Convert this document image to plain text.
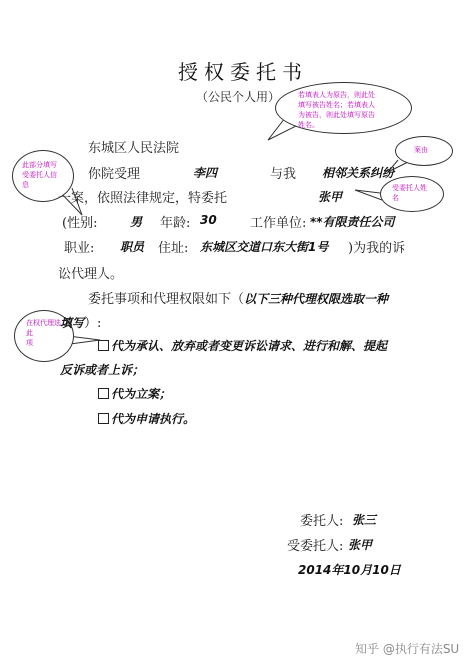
授权委托书
（公民个人用）	若填表人为原告，则此处
填写被告姓名；若填表人
为被告，则此处填写原告
姓名。
案由
受委托人姓
名
此部分填写
受委托人信
息
在权代理选
此
项
东城区人民法院
你院受理	李四	与我 相邻关系纠纷
一案，依照法律规定，特委托	张甲
(性别:	男 年龄: 30	工作单位: **有限责任公司
职业: 职员 住址: 东城区交道口东大街1号 )为我的诉
讼代理人。
委托事项和代理权限如下（以下三种代理权限选取一种
填写）:
代为承认、放弃或者变更诉讼请求、进行和解、提起
反诉或者上诉；
代为立案；
代为申请执行。
委托人: 张三
受委托人: 张甲
2014年10月10日
知乎 @执行有法SU
